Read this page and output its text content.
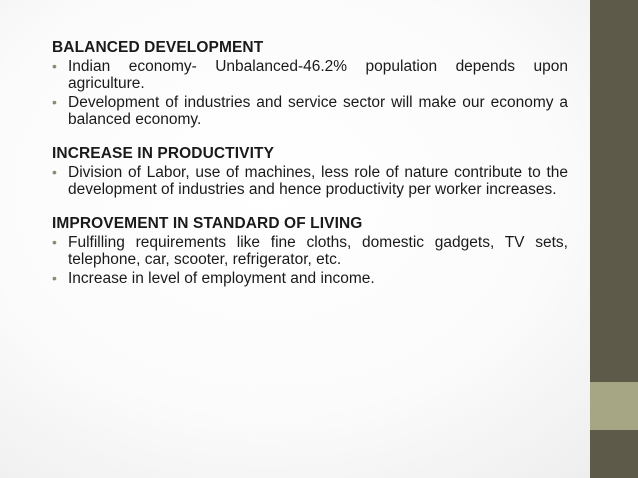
BALANCED DEVELOPMENT
• Indian economy- Unbalanced-46.2% population depends upon agriculture.
• Development of industries and service sector will make our economy a balanced economy.
INCREASE IN PRODUCTIVITY
• Division of Labor, use of machines, less role of nature contribute to the development of industries and hence productivity per worker increases.
IMPROVEMENT IN STANDARD OF LIVING
• Fulfilling requirements like fine cloths, domestic gadgets, TV sets, telephone, car, scooter, refrigerator, etc.
• Increase in level of employment and income.
